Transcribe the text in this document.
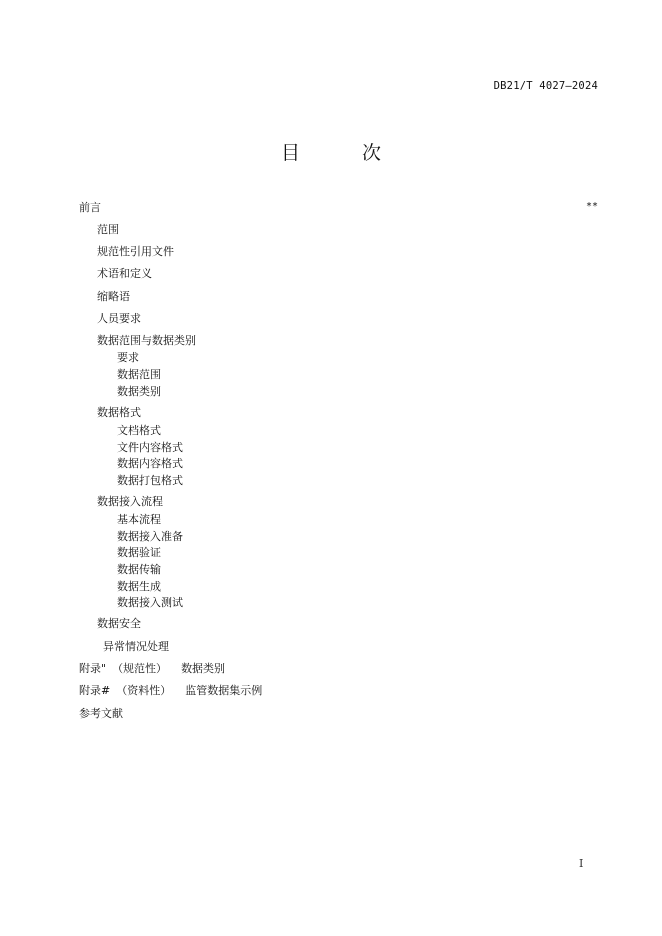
DB21/T 4027—2024
目 次
前言	**
范围
规范性引用文件
术语和定义
缩略语
人员要求
数据范围与数据类别
要求
数据范围
数据类别
数据格式
文档格式
文件内容格式
数据内容格式
数据打包格式
数据接入流程
基本流程
数据接入准备
数据验证
数据传输
数据生成
数据接入测试
数据安全
异常情况处理
附录" （规范性） 数据类别
附录# （资料性） 监管数据集示例
参考文献
I
